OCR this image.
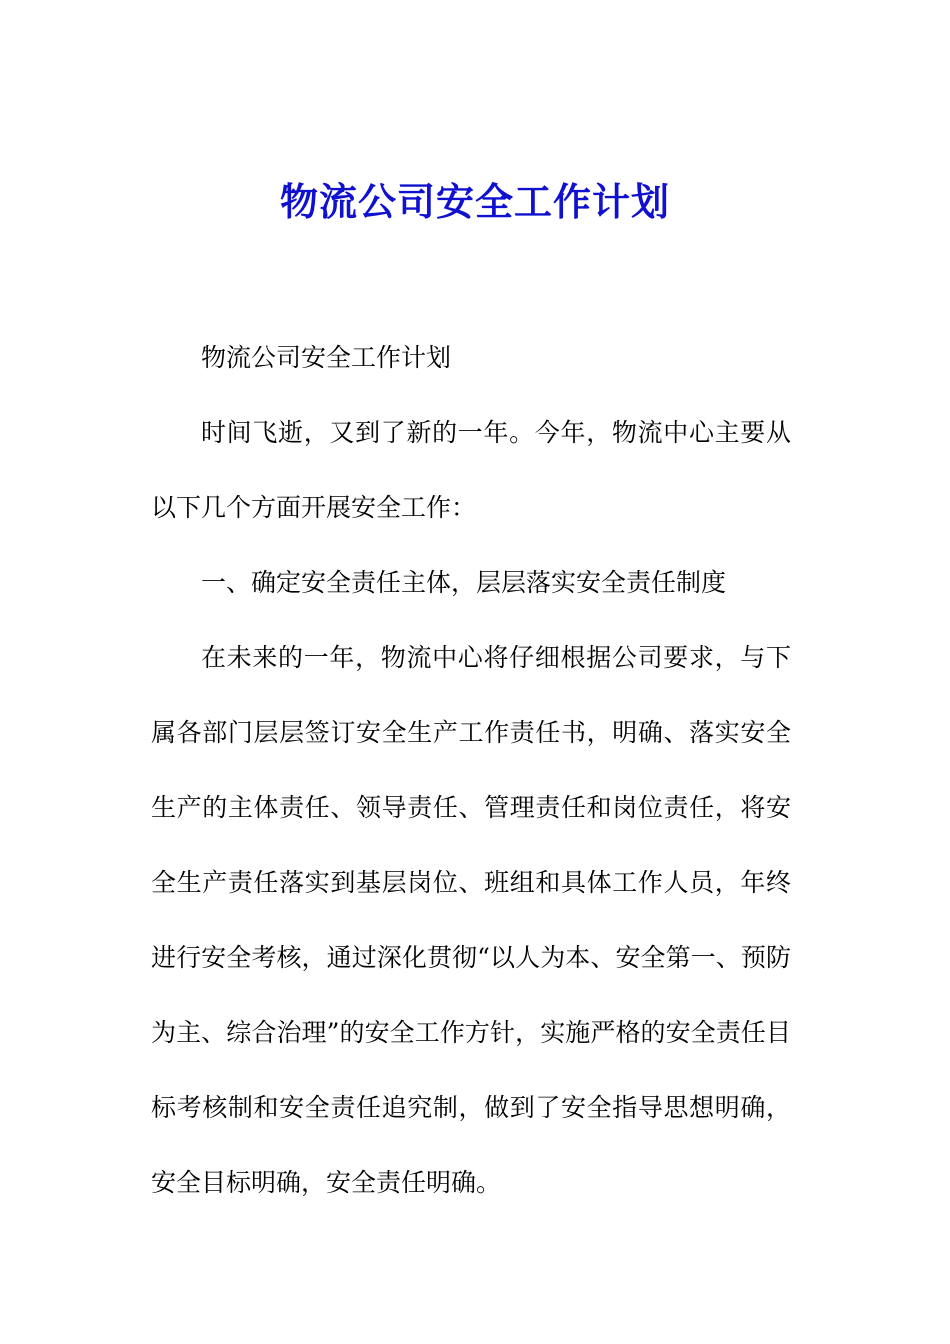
物流公司安全工作计划

物流公司安全工作计划

时间飞逝，又到了新的一年。今年，物流中心主要从以下几个方面开展安全工作：

一、确定安全责任主体，层层落实安全责任制度

在未来的一年，物流中心将仔细根据公司要求，与下属各部门层层签订安全生产工作责任书，明确、落实安全生产的主体责任、领导责任、管理责任和岗位责任，将安全生产责任落实到基层岗位、班组和具体工作人员，年终进行安全考核，通过深化贯彻“以人为本、安全第一、预防为主、综合治理”的安全工作方针，实施严格的安全责任目标考核制和安全责任追究制，做到了安全指导思想明确，安全目标明确，安全责任明确。
